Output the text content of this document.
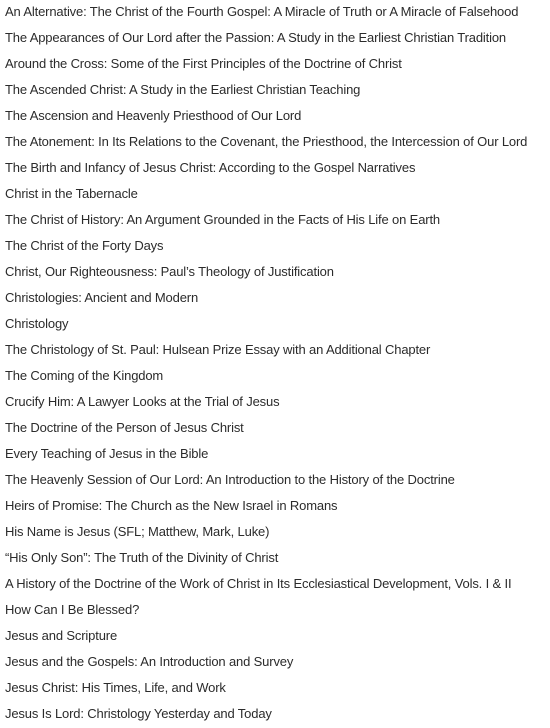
An Alternative: The Christ of the Fourth Gospel: A Miracle of Truth or A Miracle of Falsehood
The Appearances of Our Lord after the Passion: A Study in the Earliest Christian Tradition
Around the Cross: Some of the First Principles of the Doctrine of Christ
The Ascended Christ: A Study in the Earliest Christian Teaching
The Ascension and Heavenly Priesthood of Our Lord
The Atonement: In Its Relations to the Covenant, the Priesthood, the Intercession of Our Lord
The Birth and Infancy of Jesus Christ: According to the Gospel Narratives
Christ in the Tabernacle
The Christ of History: An Argument Grounded in the Facts of His Life on Earth
The Christ of the Forty Days
Christ, Our Righteousness: Paul’s Theology of Justification
Christologies: Ancient and Modern
Christology
The Christology of St. Paul: Hulsean Prize Essay with an Additional Chapter
The Coming of the Kingdom
Crucify Him: A Lawyer Looks at the Trial of Jesus
The Doctrine of the Person of Jesus Christ
Every Teaching of Jesus in the Bible
The Heavenly Session of Our Lord: An Introduction to the History of the Doctrine
Heirs of Promise: The Church as the New Israel in Romans
His Name is Jesus (SFL; Matthew, Mark, Luke)
“His Only Son”: The Truth of the Divinity of Christ
A History of the Doctrine of the Work of Christ in Its Ecclesiastical Development, Vols. I & II
How Can I Be Blessed?
Jesus and Scripture
Jesus and the Gospels: An Introduction and Survey
Jesus Christ: His Times, Life, and Work
Jesus Is Lord: Christology Yesterday and Today
